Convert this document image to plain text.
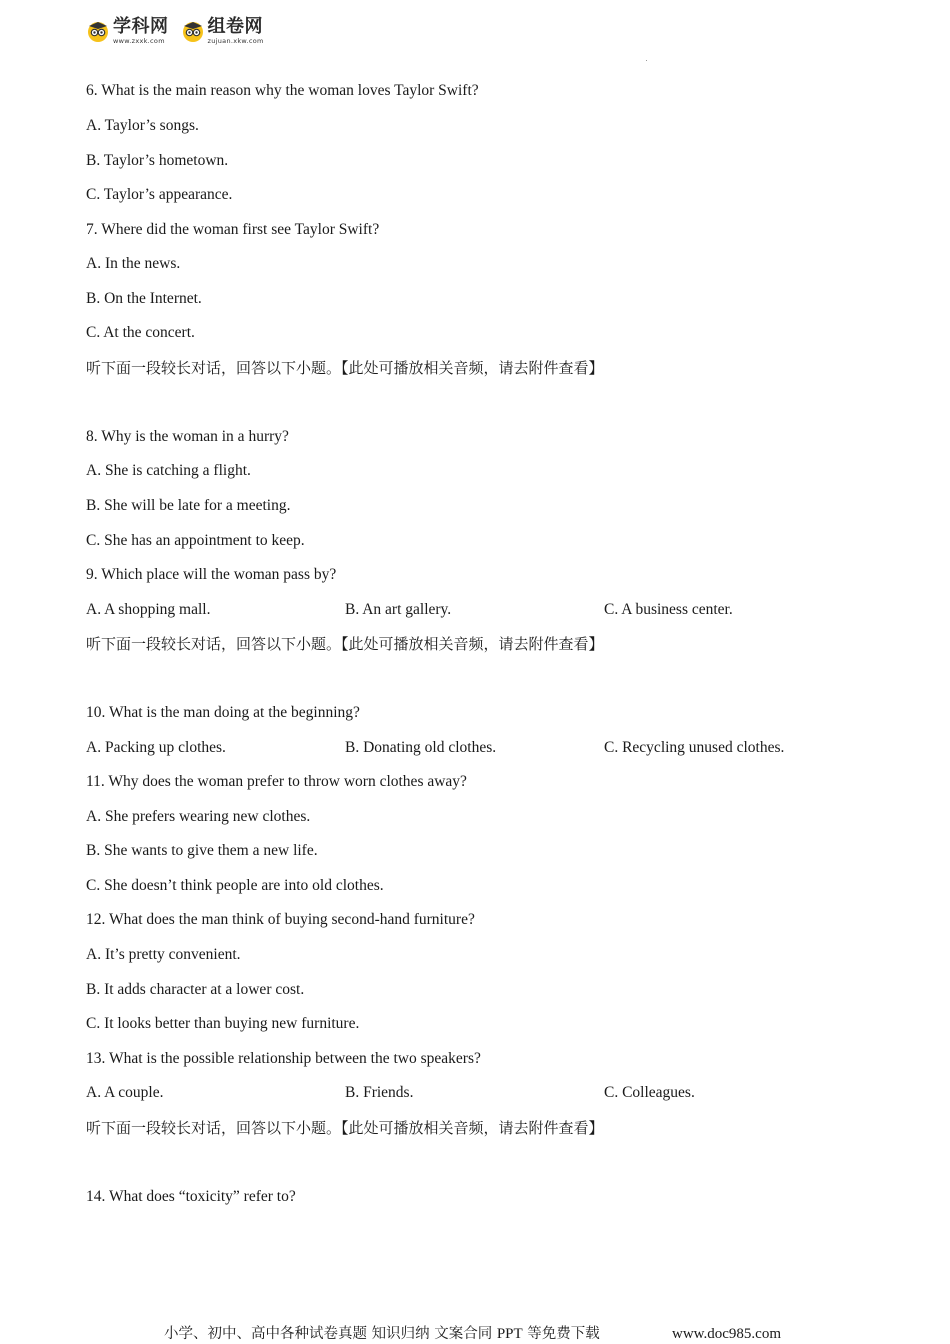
学科网
www.zxxk.com
组卷网
zujuan.xkw.com
6. What is the main reason why the woman loves Taylor Swift?
A. Taylor’s songs.
B. Taylor’s hometown.
C. Taylor’s appearance.
7. Where did the woman first see Taylor Swift?
A. In the news.
B. On the Internet.
C. At the concert.
听下面一段较长对话，回答以下小题。【此处可播放相关音频，请去附件查看】
8. Why is the woman in a hurry?
A. She is catching a flight.
B. She will be late for a meeting.
C. She has an appointment to keep.
9. Which place will the woman pass by?
A. A shopping mall.	B. An art gallery.	C. A business center.
听下面一段较长对话，回答以下小题。【此处可播放相关音频，请去附件查看】
10. What is the man doing at the beginning?
A. Packing up clothes.	B. Donating old clothes.	C. Recycling unused clothes.
11. Why does the woman prefer to throw worn clothes away?
A. She prefers wearing new clothes.
B. She wants to give them a new life.
C. She doesn’t think people are into old clothes.
12. What does the man think of buying second-hand furniture?
A. It’s pretty convenient.
B. It adds character at a lower cost.
C. It looks better than buying new furniture.
13. What is the possible relationship between the two speakers?
A. A couple.	B. Friends.	C. Colleagues.
听下面一段较长对话，回答以下小题。【此处可播放相关音频，请去附件查看】
14. What does “toxicity” refer to?
小学、初中、高中各种试卷真题 知识归纳 文案合同 PPT 等免费下载	www.doc985.com
